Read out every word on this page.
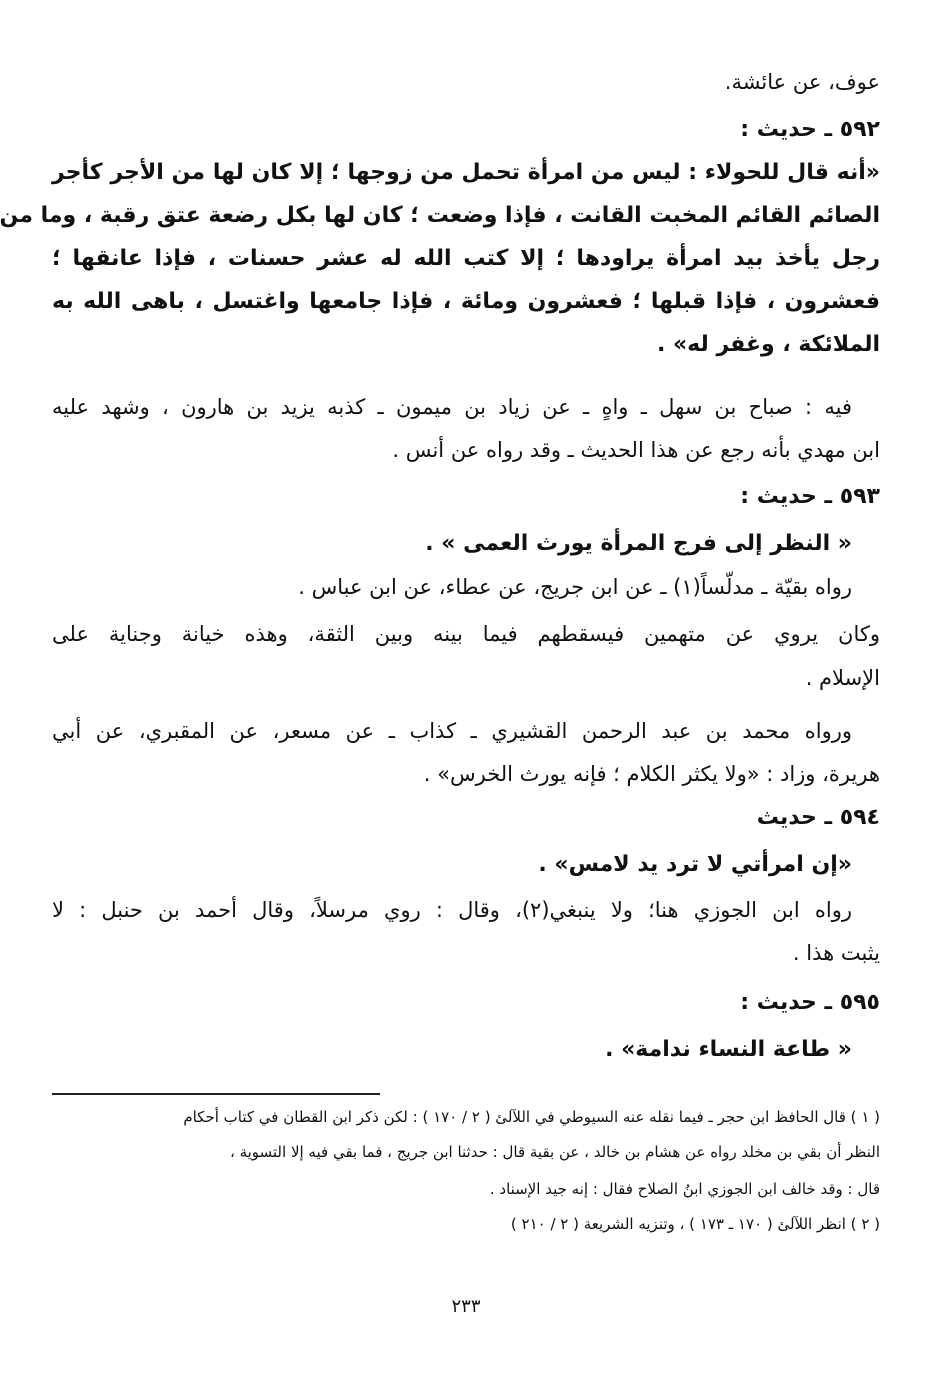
عوف، عن عائشة.
٥٩٢ ـ حديث :
«أنه قال للحولاء : ليس من امرأة تحمل من زوجها ؛ إلا كان لها من الأجر كأجر
الصائم القائم المخبت القانت ، فإذا وضعت ؛ كان لها بكل رضعة عتق رقبة ، وما من
رجل يأخذ بيد امرأة يراودها ؛ إلا كتب الله له عشر حسنات ، فإذا عانقها ؛
فعشرون ، فإذا قبلها ؛ فعشرون ومائة ، فإذا جامعها واغتسل ، باهى الله به
الملائكة ، وغفر له» .
فيه : صباح بن سهل ـ واهٍ ـ عن زياد بن ميمون ـ كذبه يزيد بن هارون ، وشهد عليه
ابن مهدي بأنه رجع عن هذا الحديث ـ وقد رواه عن أنس .
٥٩٣ ـ حديث :
« النظر إلى فرج المرأة يورث العمى » .
رواه بقيّة ـ مدلّساً(١) ـ عن ابن جريج، عن عطاء، عن ابن عباس .
وكان يروي عن متهمين فيسقطهم فيما بينه وبين الثقة، وهذه خيانة وجناية على
الإسلام .
ورواه محمد بن عبد الرحمن القشيري ـ كذاب ـ عن مسعر، عن المقبري، عن أبي
هريرة، وزاد : «ولا يكثر الكلام ؛ فإنه يورث الخرس» .
٥٩٤ ـ حديث
«إن امرأتي لا ترد يد لامس» .
رواه ابن الجوزي هنا؛ ولا ينبغي(٢)، وقال : روي مرسلاً، وقال أحمد بن حنبل : لا
يثبت هذا .
٥٩٥ ـ حديث :
« طاعة النساء ندامة» .
( ١ ) قال الحافظ ابن حجر ـ فيما نقله عنه السيوطي في اللآلئ ( ٢ / ١٧٠ ) : لكن ذكر ابن القطان في كتاب أحكام
النظر أن بقي بن مخلد رواه عن هشام بن خالد ، عن بقية قال : حدثنا ابن جريج ، فما بقي فيه إلا التسوية ،
قال : وقد خالف ابن الجوزي ابنُ الصلاح فقال : إنه جيد الإسناد .
( ٢ ) انظر اللآلئ ( ١٧٠ ـ ١٧٣ ) ، وتنزيه الشريعة ( ٢ / ٢١٠ )
٢٣٣
